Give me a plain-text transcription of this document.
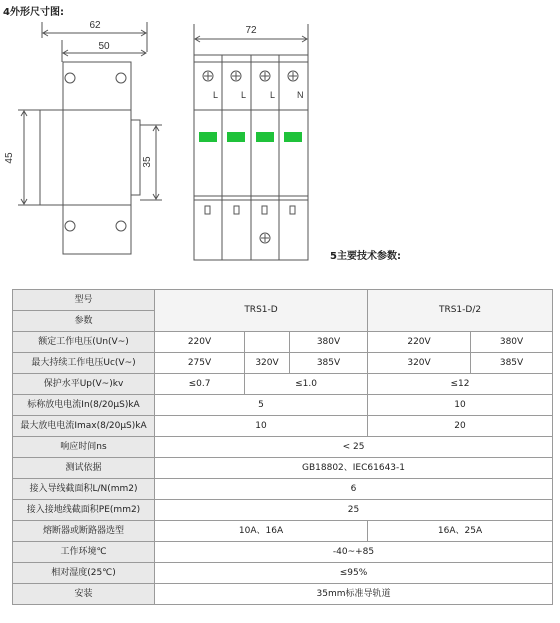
4外形尺寸图:
5主要技术参数:
62
50
45	35
72
L	L	L N
型号	TRS1-D			TRS1-D/2	
参数					
额定工作电压(Un(V~)	220V		380V	220V	380V
最大持续工作电压Uc(V~)	275V	320V	385V	320V	385V
保护水平Up(V~)kv	≤0.7	≤1.0		≤12	
标称放电电流In(8/20μS)kA	5			10	
最大放电电流Imax(8/20μS)kA	10			20	
响应时间ns	< 25				
测试依据	GB18802、IEC61643-1				
接入导线截面积L/N(mm2)	6				
接入接地线截面积PE(mm2)	25				
熔断器或断路器选型	10A、16A			16A、25A	
工作环境℃	-40~+85				
相对湿度(25℃)	≤95%				
安装	35mm标准导轨道				
